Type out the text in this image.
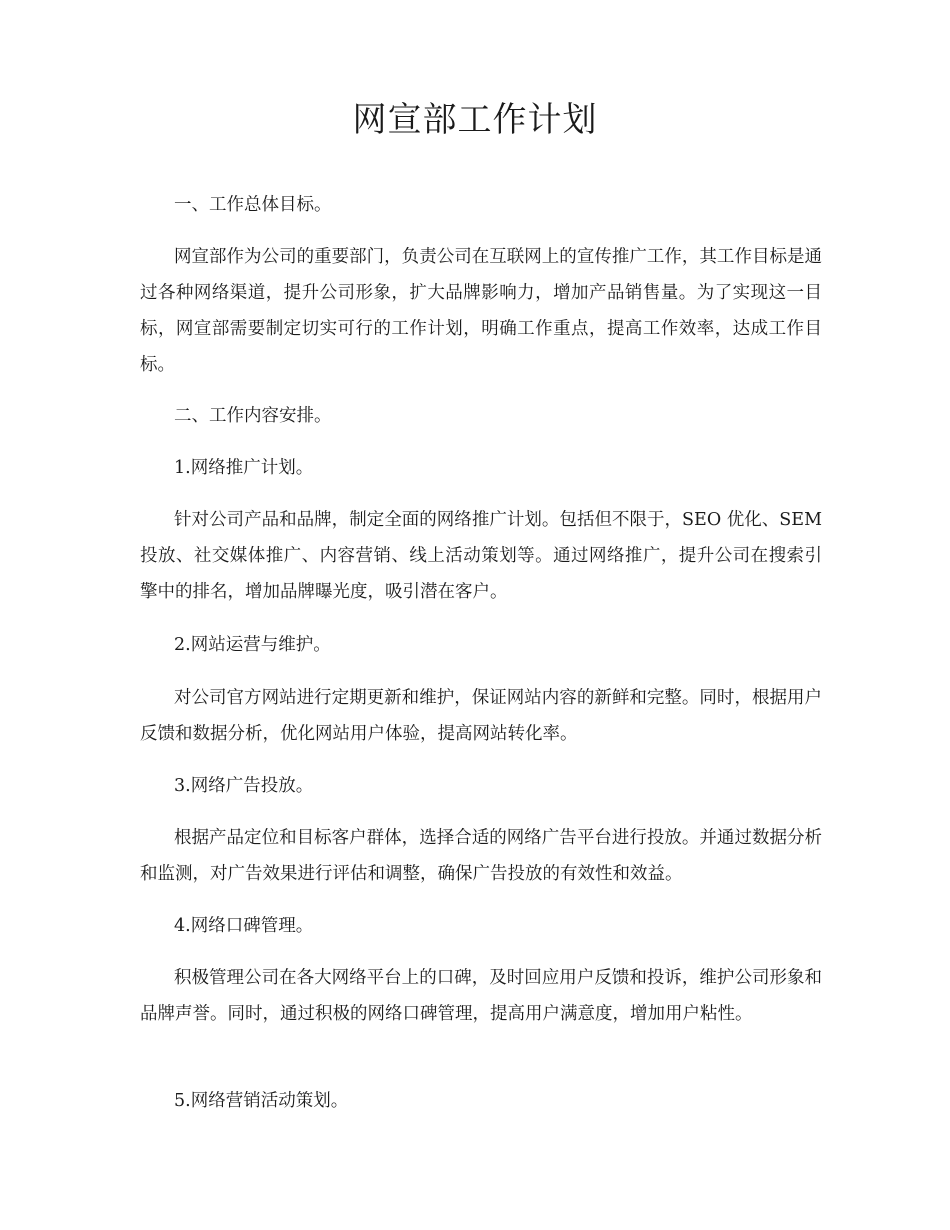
网宣部工作计划

一、工作总体目标。

网宣部作为公司的重要部门，负责公司在互联网上的宣传推广工作，其工作目标是通过各种网络渠道，提升公司形象，扩大品牌影响力，增加产品销售量。为了实现这一目标，网宣部需要制定切实可行的工作计划，明确工作重点，提高工作效率，达成工作目标。

二、工作内容安排。

1.网络推广计划。

针对公司产品和品牌，制定全面的网络推广计划。包括但不限于，SEO 优化、SEM 投放、社交媒体推广、内容营销、线上活动策划等。通过网络推广，提升公司在搜索引擎中的排名，增加品牌曝光度，吸引潜在客户。

2.网站运营与维护。

对公司官方网站进行定期更新和维护，保证网站内容的新鲜和完整。同时，根据用户反馈和数据分析，优化网站用户体验，提高网站转化率。

3.网络广告投放。

根据产品定位和目标客户群体，选择合适的网络广告平台进行投放。并通过数据分析和监测，对广告效果进行评估和调整，确保广告投放的有效性和效益。

4.网络口碑管理。

积极管理公司在各大网络平台上的口碑，及时回应用户反馈和投诉，维护公司形象和品牌声誉。同时，通过积极的网络口碑管理，提高用户满意度，增加用户粘性。

5.网络营销活动策划。
